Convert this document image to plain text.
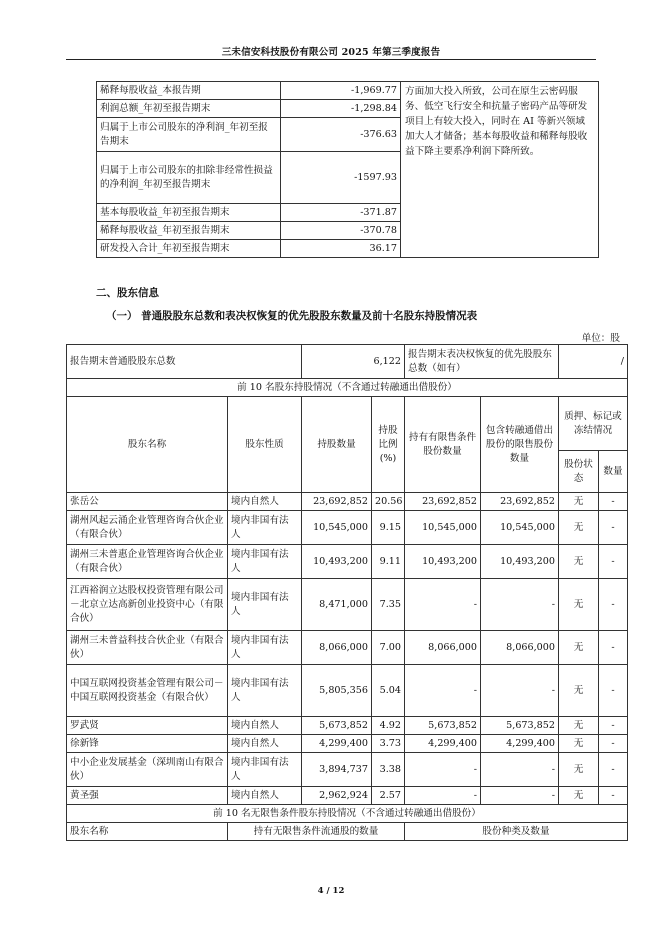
三未信安科技股份有限公司 2025 年第三季度报告
稀释每股收益_本报告期	-1,969.77	方面加大投入所致，公司在原生云密码服务、低空飞行安全和抗量子密码产品等研发项目上有较大投入，同时在 AI 等新兴领域加大人才储备；基本每股收益和稀释每股收益下降主要系净利润下降所致。
利润总额_年初至报告期末	-1,298.84	
归属于上市公司股东的净利润_年初至报告期末	-376.63	
归属于上市公司股东的扣除非经常性损益的净利润_年初至报告期末	-1597.93	
基本每股收益_年初至报告期末	-371.87	
稀释每股收益_年初至报告期末	-370.78	
研发投入合计_年初至报告期末	36.17	
二、股东信息
（一） 普通股股东总数和表决权恢复的优先股股东数量及前十名股东持股情况表
单位：股
报告期末普通股股东总数		6,122		报告期末表决权恢复的优先股股东总数（如有）		/	
前 10 名股东持股情况（不含通过转融通出借股份）							
股东名称	股东性质	持股数量	持股比例(%)	持有有限售条件股份数量	包含转融通借出股份的限售股份数量	质押、标记或冻结情况	
						股份状态	数量
张岳公	境内自然人	23,692,852	20.56	23,692,852	23,692,852	无	-
湖州风起云涌企业管理咨询合伙企业（有限合伙）	境内非国有法人	10,545,000	9.15	10,545,000	10,545,000	无	-
湖州三未普惠企业管理咨询合伙企业（有限合伙）	境内非国有法人	10,493,200	9.11	10,493,200	10,493,200	无	-
江西裕润立达股权投资管理有限公司－北京立达高新创业投资中心（有限合伙）	境内非国有法人	8,471,000	7.35	-	-	无	-
湖州三未普益科技合伙企业（有限合伙）	境内非国有法人	8,066,000	7.00	8,066,000	8,066,000	无	-
中国互联网投资基金管理有限公司－中国互联网投资基金（有限合伙）	境内非国有法人	5,805,356	5.04	-	-	无	-
罗武贤	境内自然人	5,673,852	4.92	5,673,852	5,673,852	无	-
徐新锋	境内自然人	4,299,400	3.73	4,299,400	4,299,400	无	-
中小企业发展基金（深圳南山有限合伙）	境内非国有法人	3,894,737	3.38	-	-	无	-
黄圣强	境内自然人	2,962,924	2.57	-	-	无	-
前 10 名无限售条件股东持股情况（不含通过转融通出借股份）							
股东名称	持有无限售条件流通股的数量			股份种类及数量			
4 / 12
